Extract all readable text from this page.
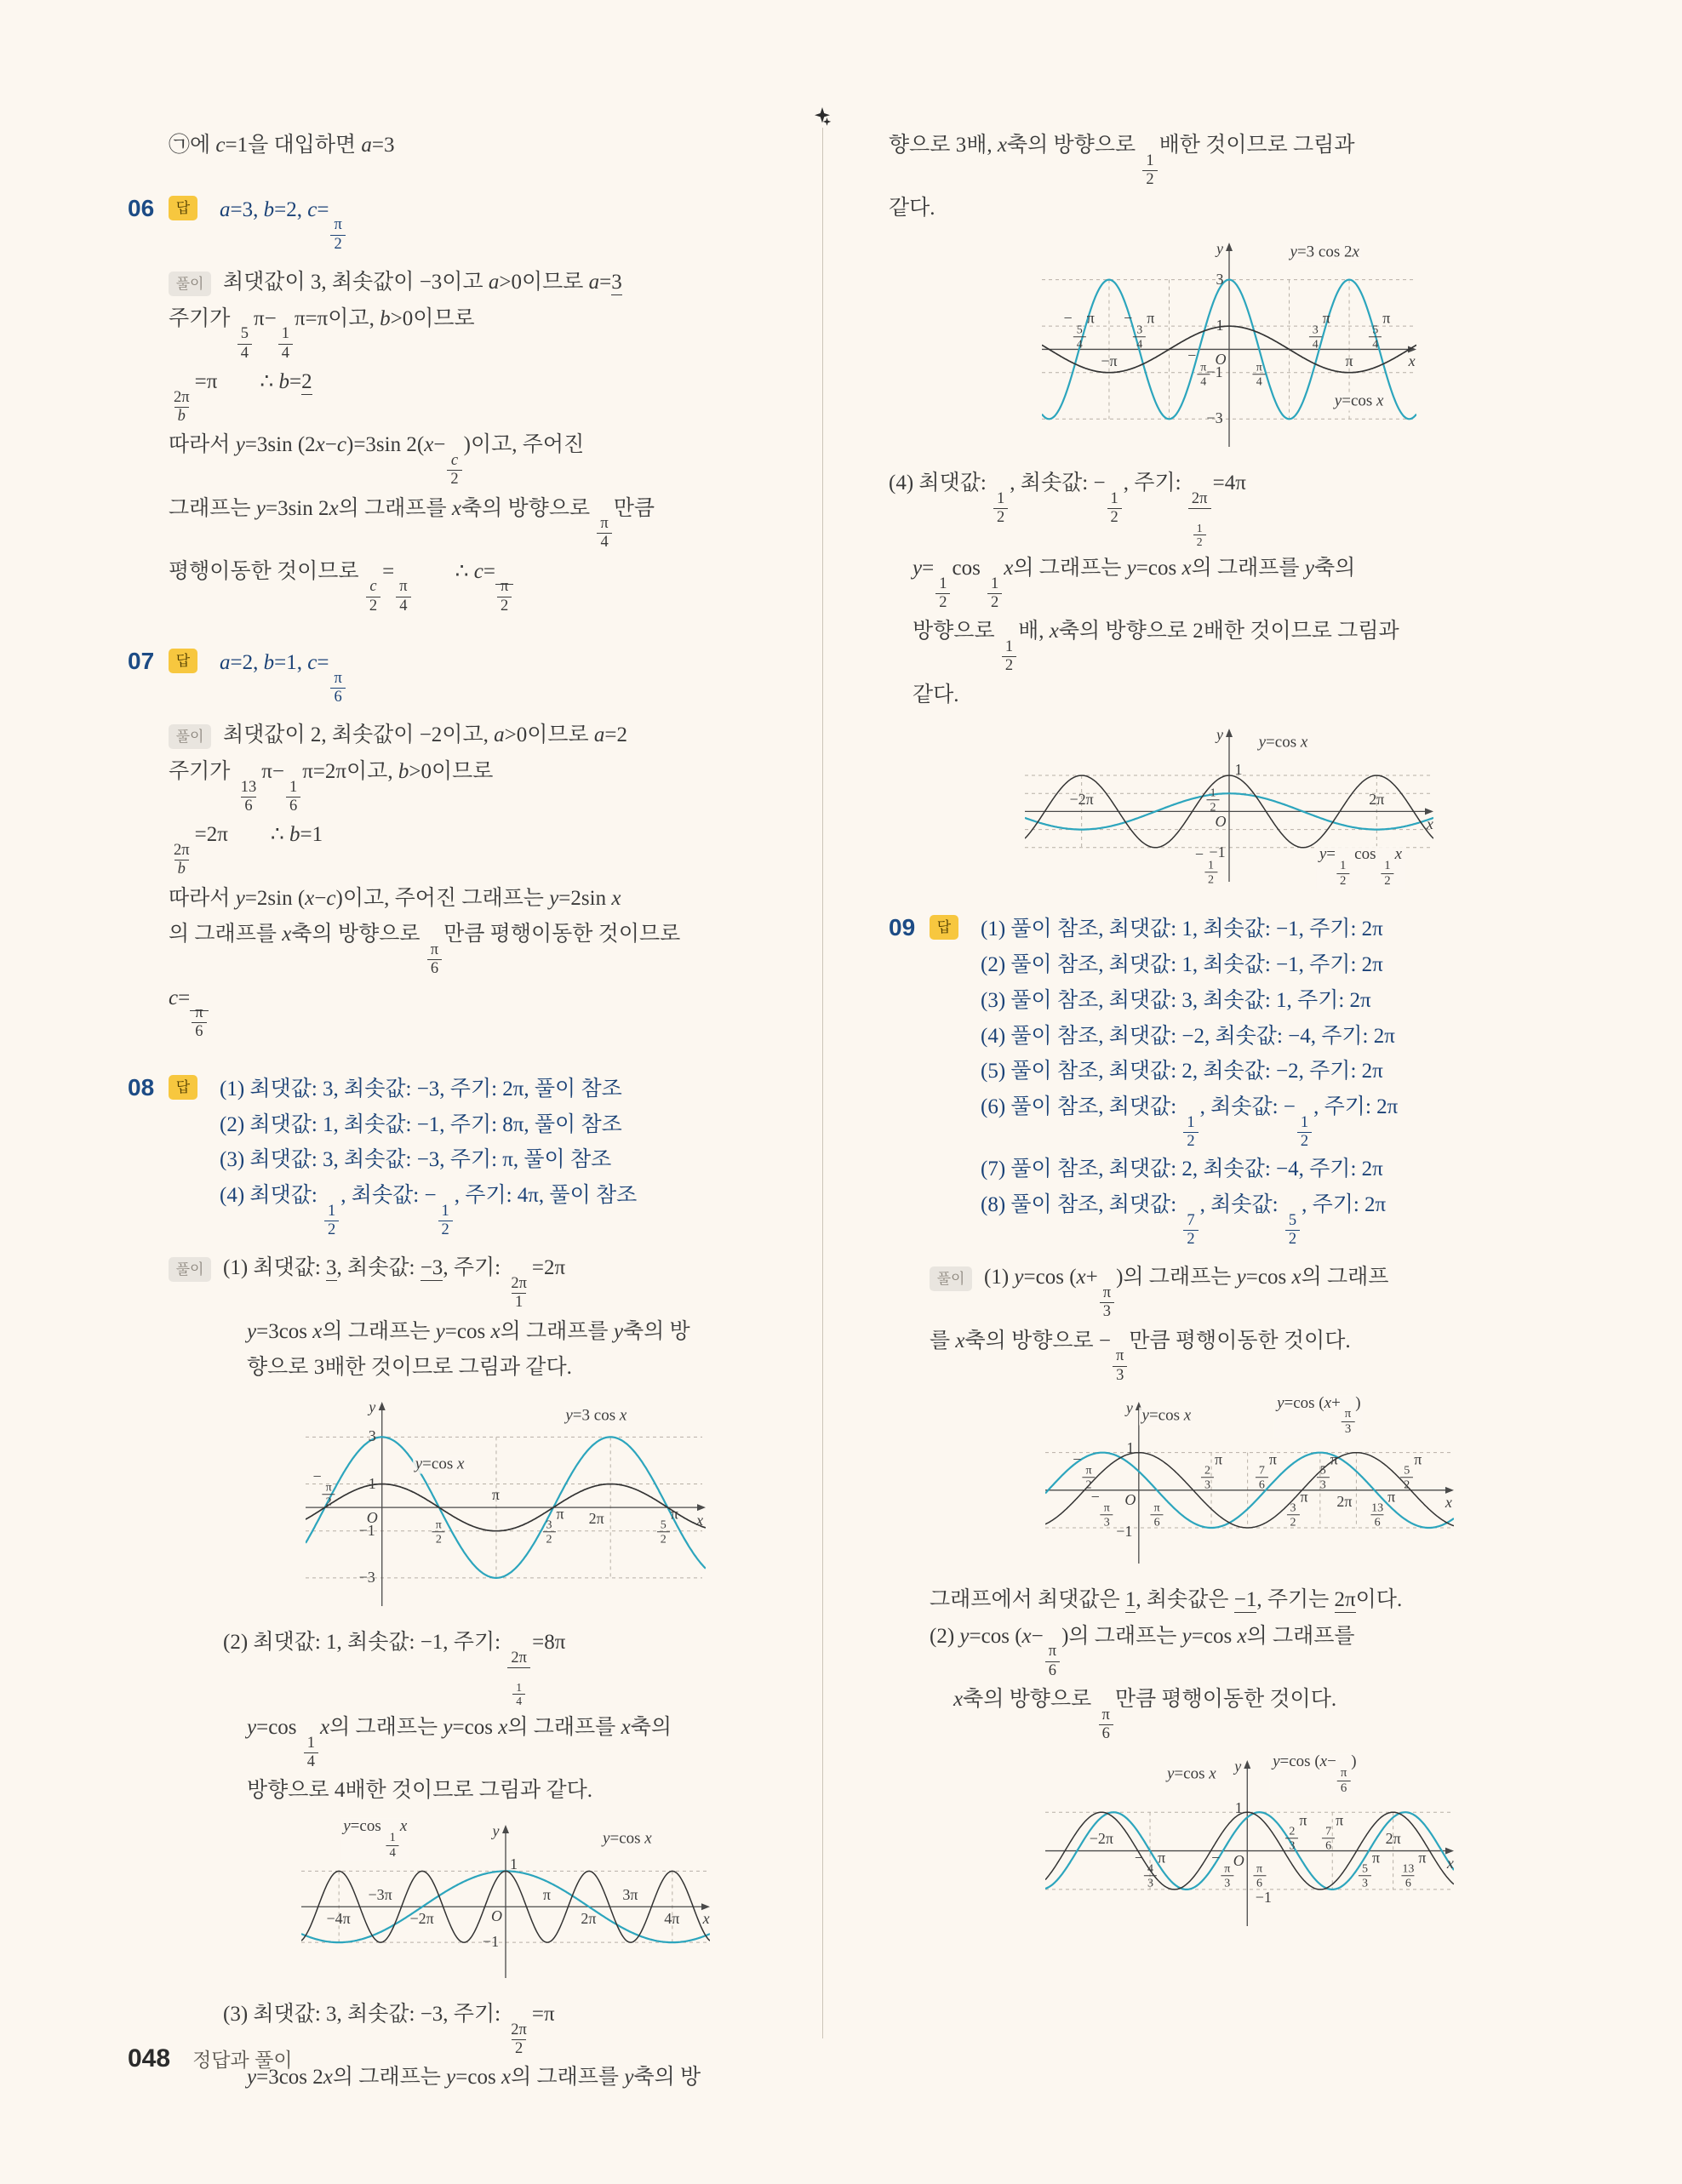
㉠에 c=1을 대입하면 a=3
06	답	a=3, b=2, c=
$\frac{\pi}{2}$
풀이 최댓값이 3, 최솟값이 −3이고 a>0이므로 a=3
주기가
$\frac{5}{4}$
π−
$\frac{1}{4}$
π=π이고, b>0이므로
$\frac{2\pi}{b}$
=π  ∴ b=2
따라서 y=3sin (2x−c)=3sin 2(x−
$\frac{c}{2}$
)이고, 주어진
그래프는 y=3sin 2x의 그래프를 x축의 방향으로
$\frac{\pi}{4}$
만큼
평행이동한 것이므로
$\frac{c}{2}$
=
$\frac{\pi}{4}$
  ∴ c=
$\frac{\pi}{2}$
07	답	a=2, b=1, c=
$\frac{\pi}{6}$
풀이 최댓값이 2, 최솟값이 −2이고, a>0이므로 a=2
주기가
$\frac{13}{6}$
π−
$\frac{1}{6}$
π=2π이고, b>0이므로
$\frac{2\pi}{b}$
=2π  ∴ b=1
따라서 y=2sin (x−c)이고, 주어진 그래프는 y=2sin x
의 그래프를 x축의 방향으로
$\frac{\pi}{6}$
만큼 평행이동한 것이므로
c=
$\frac{\pi}{6}$
08	답	(1) 최댓값: 3, 최솟값: −3, 주기: 2π, 풀이 참조
(2) 최댓값: 1, 최솟값: −1, 주기: 8π, 풀이 참조
(3) 최댓값: 3, 최솟값: −3, 주기: π, 풀이 참조
(4) 최댓값:
$\frac{1}{2}$
, 최솟값: −
$\frac{1}{2}$
, 주기: 4π, 풀이 참조
풀이 (1) 최댓값: 3, 최솟값: −3, 주기:
$\frac{2\pi}{1}$
=2π
y=3cos x의 그래프는 y=cos x의 그래프를 y축의 방
향으로 3배한 것이므로 그림과 같다.
y
x
O
3
1
−1
−3
−
$\frac{\pi}{2}$
$\frac{\pi}{2}$
π
$\frac{3}{2}$
π 2π	$\frac{5}{2}$
π
y=3 cos x
y=cos x
(2) 최댓값: 1, 최솟값: −1, 주기:
$\frac{2\pi}{\frac{1}{4}}$
=8π
y=cos
$\frac{1}{4}$
x의 그래프는 y=cos x의 그래프를 x축의
방향으로 4배한 것이므로 그림과 같다.
y
x
O
1
−1
−4π
−3π
−2π
π
2π
3π
4π
y=cos
$\frac{1}{4}$
x
y=cos x
(3) 최댓값: 3, 최솟값: −3, 주기:
$\frac{2\pi}{2}$
=π
y=3cos 2x의 그래프는 y=cos x의 그래프를 y축의 방
향으로 3배, x축의 방향으로
$\frac{1}{2}$
배한 것이므로 그림과
같다.
y
x
O
3
1
−1
−3
−
$\frac{5}{4}$
π −
$\frac{3}{4}$
π
−π	−
$\frac{\pi}{4}$	$\frac{\pi}{4}$
$\frac{3}{4}$
π
π
$\frac{5}{4}$
π
y=3 cos 2x
y=cos x
(4) 최댓값:
$\frac{1}{2}$
, 최솟값: −
$\frac{1}{2}$
, 주기:
$\frac{2\pi}{\frac{1}{2}}$
=4π
y=
$\frac{1}{2}$
cos
$\frac{1}{2}$
x의 그래프는 y=cos x의 그래프를 y축의
방향으로
$\frac{1}{2}$
배, x축의 방향으로 2배한 것이므로 그림과
같다.
y
x
O
$\frac{1}{2}$
1
−1
−
$\frac{1}{2}$
−2π	2π
y=cos x
y=
$\frac{1}{2}$
cos
$\frac{1}{2}$
x
09	답	(1) 풀이 참조, 최댓값: 1, 최솟값: −1, 주기: 2π
(2) 풀이 참조, 최댓값: 1, 최솟값: −1, 주기: 2π
(3) 풀이 참조, 최댓값: 3, 최솟값: 1, 주기: 2π
(4) 풀이 참조, 최댓값: −2, 최솟값: −4, 주기: 2π
(5) 풀이 참조, 최댓값: 2, 최솟값: −2, 주기: 2π
(6) 풀이 참조, 최댓값:
$\frac{1}{2}$
, 최솟값: −
$\frac{1}{2}$
, 주기: 2π
(7) 풀이 참조, 최댓값: 2, 최솟값: −4, 주기: 2π
(8) 풀이 참조, 최댓값:
$\frac{7}{2}$
, 최솟값:
$\frac{5}{2}$
, 주기: 2π
풀이 (1) y=cos (x+
$\frac{\pi}{3}$
)의 그래프는 y=cos x의 그래프
를 x축의 방향으로 −
$\frac{\pi}{3}$
만큼 평행이동한 것이다.
y
x
O
1
−1
−
$\frac{\pi}{2}$
−
$\frac{\pi}{3}$	$\frac{\pi}{6}$
$\frac{2}{3}$
π
$\frac{7}{6}$
π
$\frac{3}{2}$
π
$\frac{5}{3}$
π
$2\pi \frac{13}{6}$
π
$\frac{5}{2}$
π
y=cos x
y=cos (x+
$\frac{\pi}{3}$
)
그래프에서 최댓값은 1, 최솟값은 −1, 주기는 2π이다.
(2) y=cos (x−
$\frac{\pi}{6}$
)의 그래프는 y=cos x의 그래프를
x축의 방향으로
$\frac{\pi}{6}$
만큼 평행이동한 것이다.
y
x
O
1
−1
−2π
−
$\frac{4}{3}$
π	−
$\frac{\pi}{3} \frac{\pi}{6}$
$\frac{2}{3}$
π
$\frac{7}{6}$
π
$\frac{5}{3}$
π
2π
$\frac{13}{6}$
π
y=cos x
y=cos (x−
$\frac{\pi}{6}$
)
048 정답과 풀이
